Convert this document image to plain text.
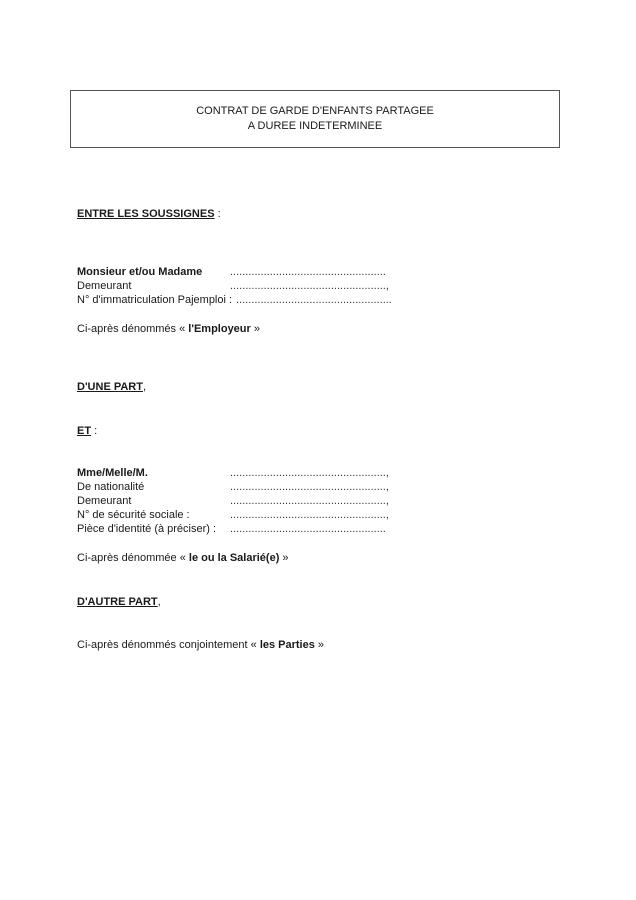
CONTRAT DE GARDE D'ENFANTS PARTAGEE
A DUREE INDETERMINEE
ENTRE LES SOUSSIGNES :
Monsieur et/ou Madame	...................................................
Demeurant	...................................................,
N° d'immatriculation Pajemploi : ...................................................
Ci-après dénommés « l'Employeur »
D'UNE PART,
ET :
Mme/Melle/M.	...................................................,
De nationalité	...................................................,
Demeurant	...................................................,
N° de sécurité sociale :	...................................................,
Pièce d'identité (à préciser) : ...................................................
Ci-après dénommée « le ou la Salarié(e) »
D'AUTRE PART,
Ci-après dénommés conjointement « les Parties »
